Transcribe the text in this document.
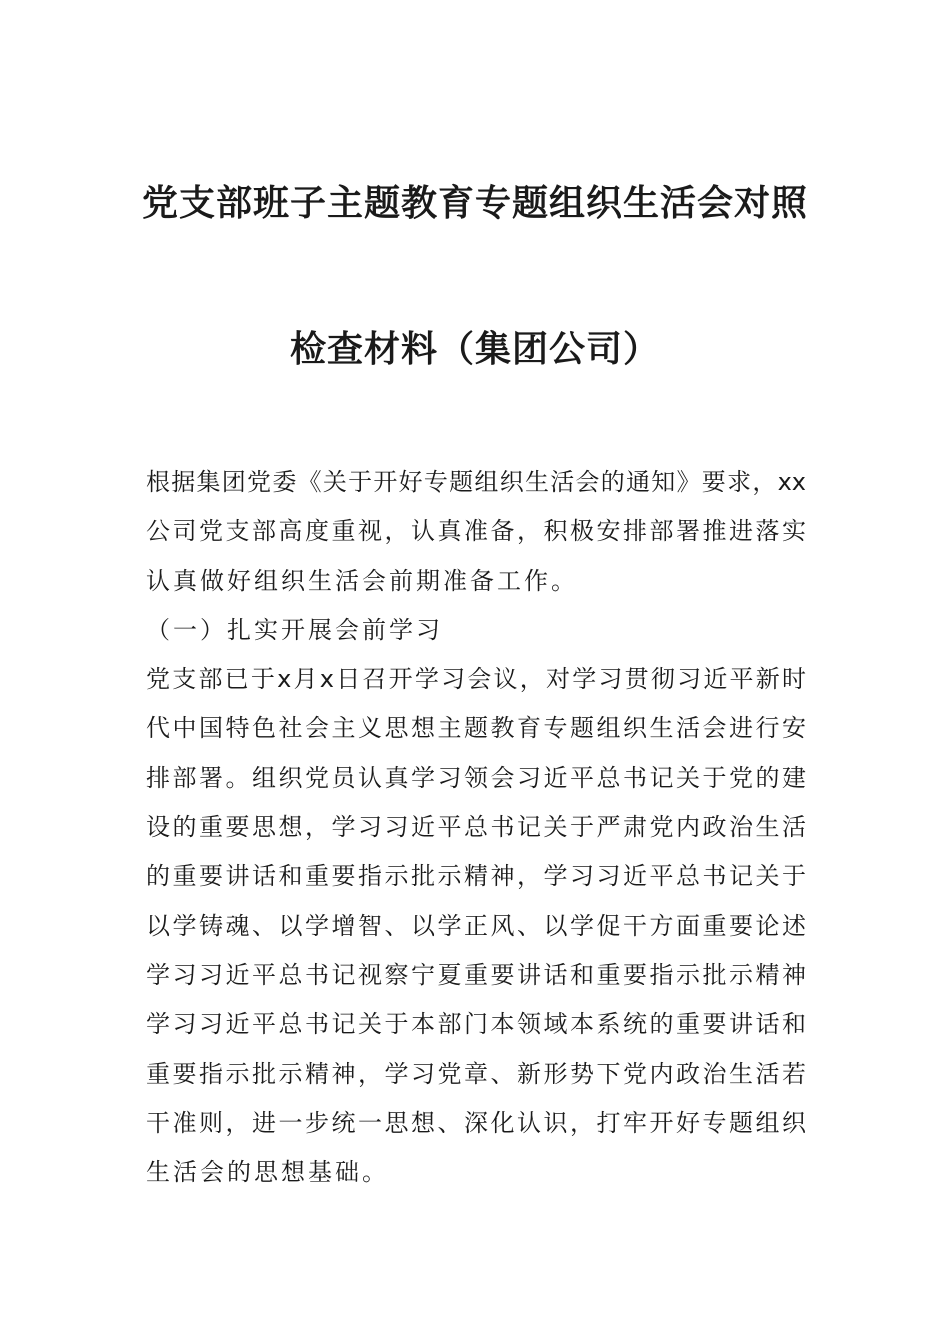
党支部班子主题教育专题组织生活会对照
检查材料（集团公司）
根据集团党委《关于开好专题组织生活会的通知》要求，xx
公司党支部高度重视，认真准备，积极安排部署推进落实
认真做好组织生活会前期准备工作。
（一）扎实开展会前学习
党支部已于x月x日召开学习会议，对学习贯彻习近平新时
代中国特色社会主义思想主题教育专题组织生活会进行安
排部署。组织党员认真学习领会习近平总书记关于党的建
设的重要思想，学习习近平总书记关于严肃党内政治生活
的重要讲话和重要指示批示精神，学习习近平总书记关于
以学铸魂、以学增智、以学正风、以学促干方面重要论述
学习习近平总书记视察宁夏重要讲话和重要指示批示精神
学习习近平总书记关于本部门本领域本系统的重要讲话和
重要指示批示精神，学习党章、新形势下党内政治生活若
干准则，进一步统一思想、深化认识，打牢开好专题组织
生活会的思想基础。
